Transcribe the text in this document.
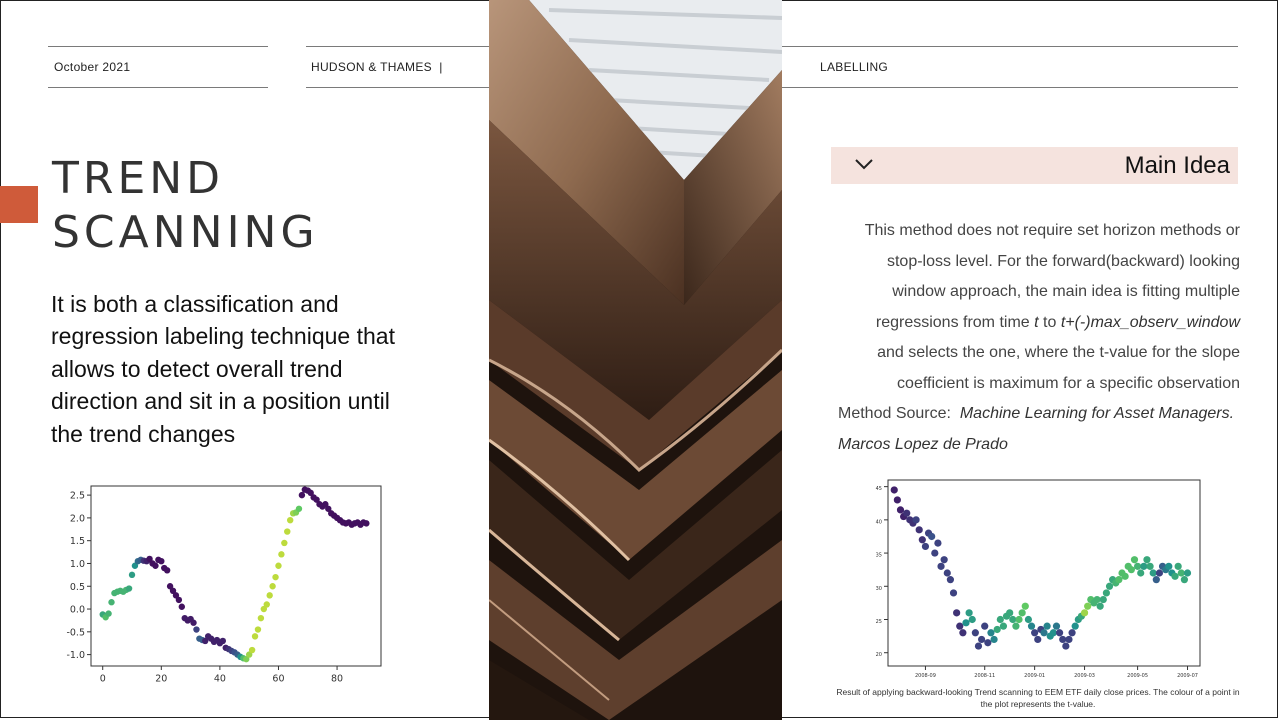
October 2021	HUDSON & THAMES  |	LABELLING
TREND
SCANNING
It is both a classification and regression labeling technique that allows to detect overall trend direction and sit in a position until the trend changes
-1.0
-0.5
0.0
0.5
1.0
1.5
2.0
2.5
0	20	40	60	80
Main Idea
This method does not require set horizon methods or
stop-loss level. For the forward(backward) looking
window approach, the main idea is fitting multiple
regressions from time t to t+(-)max_observ_window
and selects the one, where the t-value for the slope
coefficient is maximum for a specific observation
Method Source: Machine Learning for Asset Managers.
Marcos Lopez de Prado
20
25
30
35
40
45
2008-09	2008-11	2009-01	2009-03	2009-05	2009-07
Result of applying backward-looking Trend scanning to EEM ETF daily close prices. The colour of a point in the plot represents the t-value.
